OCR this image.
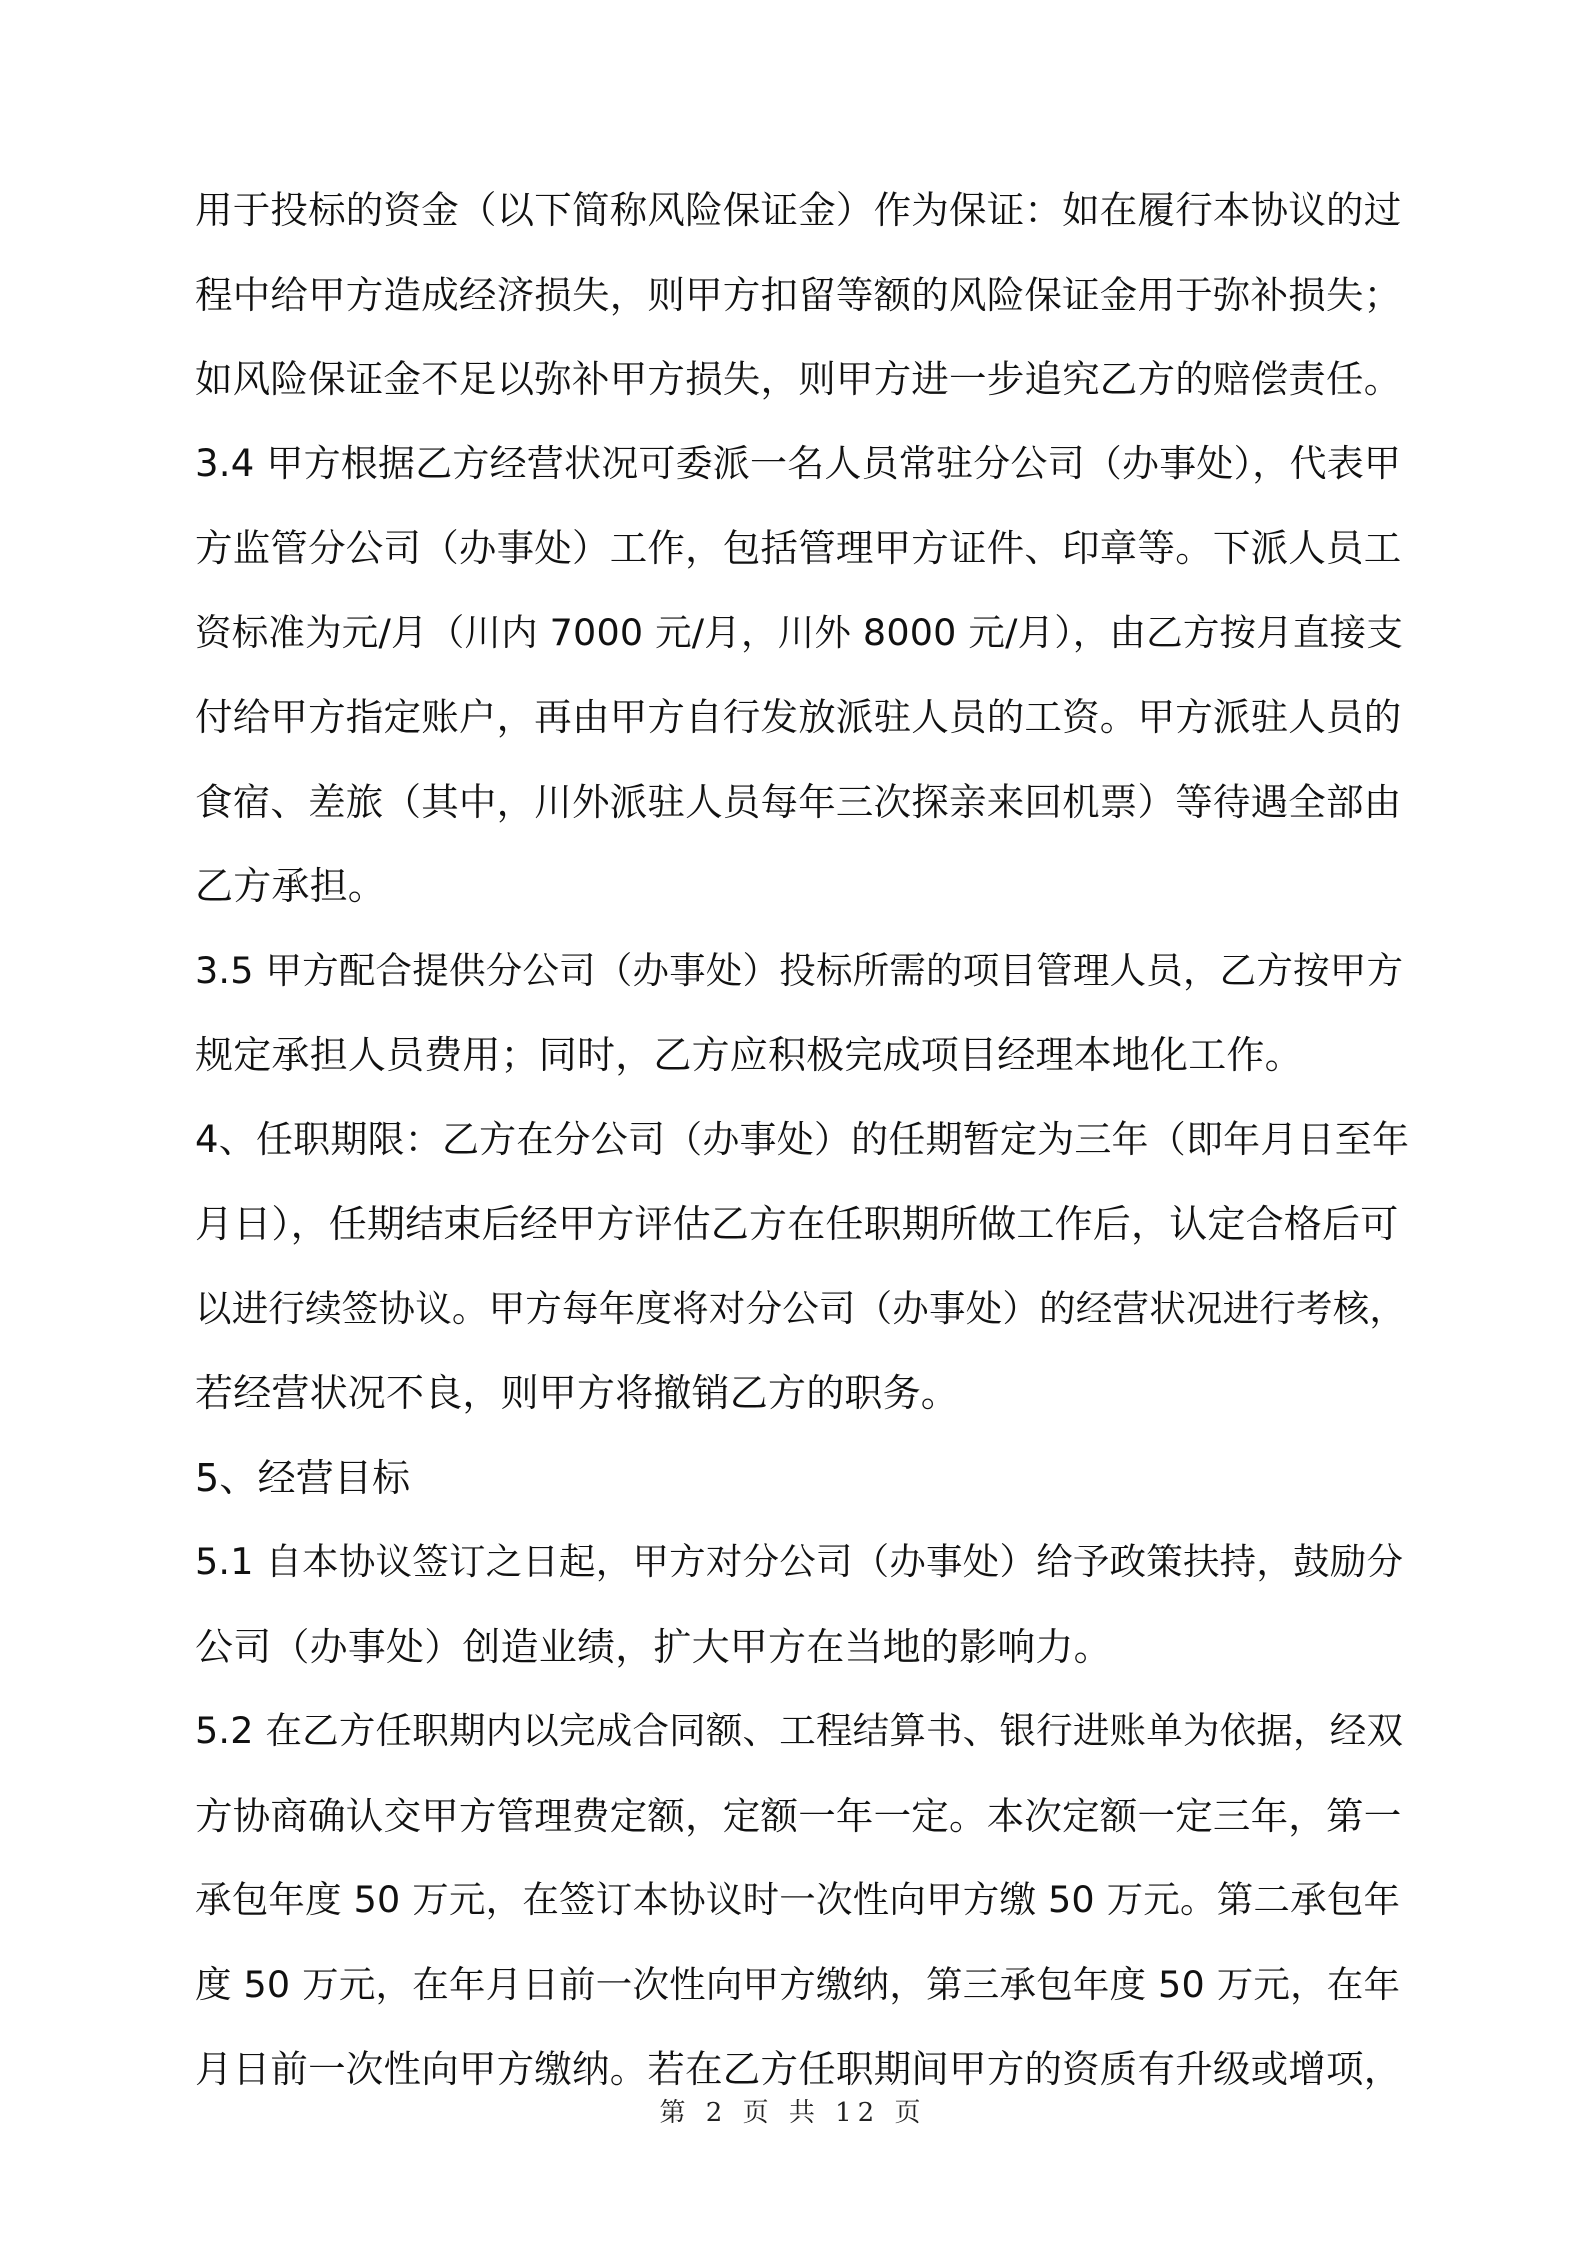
用于投标的资金（以下简称风险保证金）作为保证：如在履行本协议的过
程中给甲方造成经济损失，则甲方扣留等额的风险保证金用于弥补损失；
如风险保证金不足以弥补甲方损失，则甲方进一步追究乙方的赔偿责任。
3.4 甲方根据乙方经营状况可委派一名人员常驻分公司（办事处），代表甲
方监管分公司（办事处）工作，包括管理甲方证件、印章等。下派人员工
资标准为元/月（川内 7000 元/月，川外 8000 元/月），由乙方按月直接支
付给甲方指定账户，再由甲方自行发放派驻人员的工资。甲方派驻人员的
食宿、差旅（其中，川外派驻人员每年三次探亲来回机票）等待遇全部由
乙方承担。
3.5 甲方配合提供分公司（办事处）投标所需的项目管理人员，乙方按甲方
规定承担人员费用；同时，乙方应积极完成项目经理本地化工作。
4、任职期限：乙方在分公司（办事处）的任期暂定为三年（即年月日至年
月日），任期结束后经甲方评估乙方在任职期所做工作后，认定合格后可
以进行续签协议。甲方每年度将对分公司（办事处）的经营状况进行考核，
若经营状况不良，则甲方将撤销乙方的职务。
5、经营目标
5.1 自本协议签订之日起，甲方对分公司（办事处）给予政策扶持，鼓励分
公司（办事处）创造业绩，扩大甲方在当地的影响力。
5.2 在乙方任职期内以完成合同额、工程结算书、银行进账单为依据，经双
方协商确认交甲方管理费定额，定额一年一定。本次定额一定三年，第一
承包年度 50 万元，在签订本协议时一次性向甲方缴 50 万元。第二承包年
度 50 万元，在年月日前一次性向甲方缴纳，第三承包年度 50 万元，在年
月日前一次性向甲方缴纳。若在乙方任职期间甲方的资质有升级或增项，
第 2 页 共 12 页
